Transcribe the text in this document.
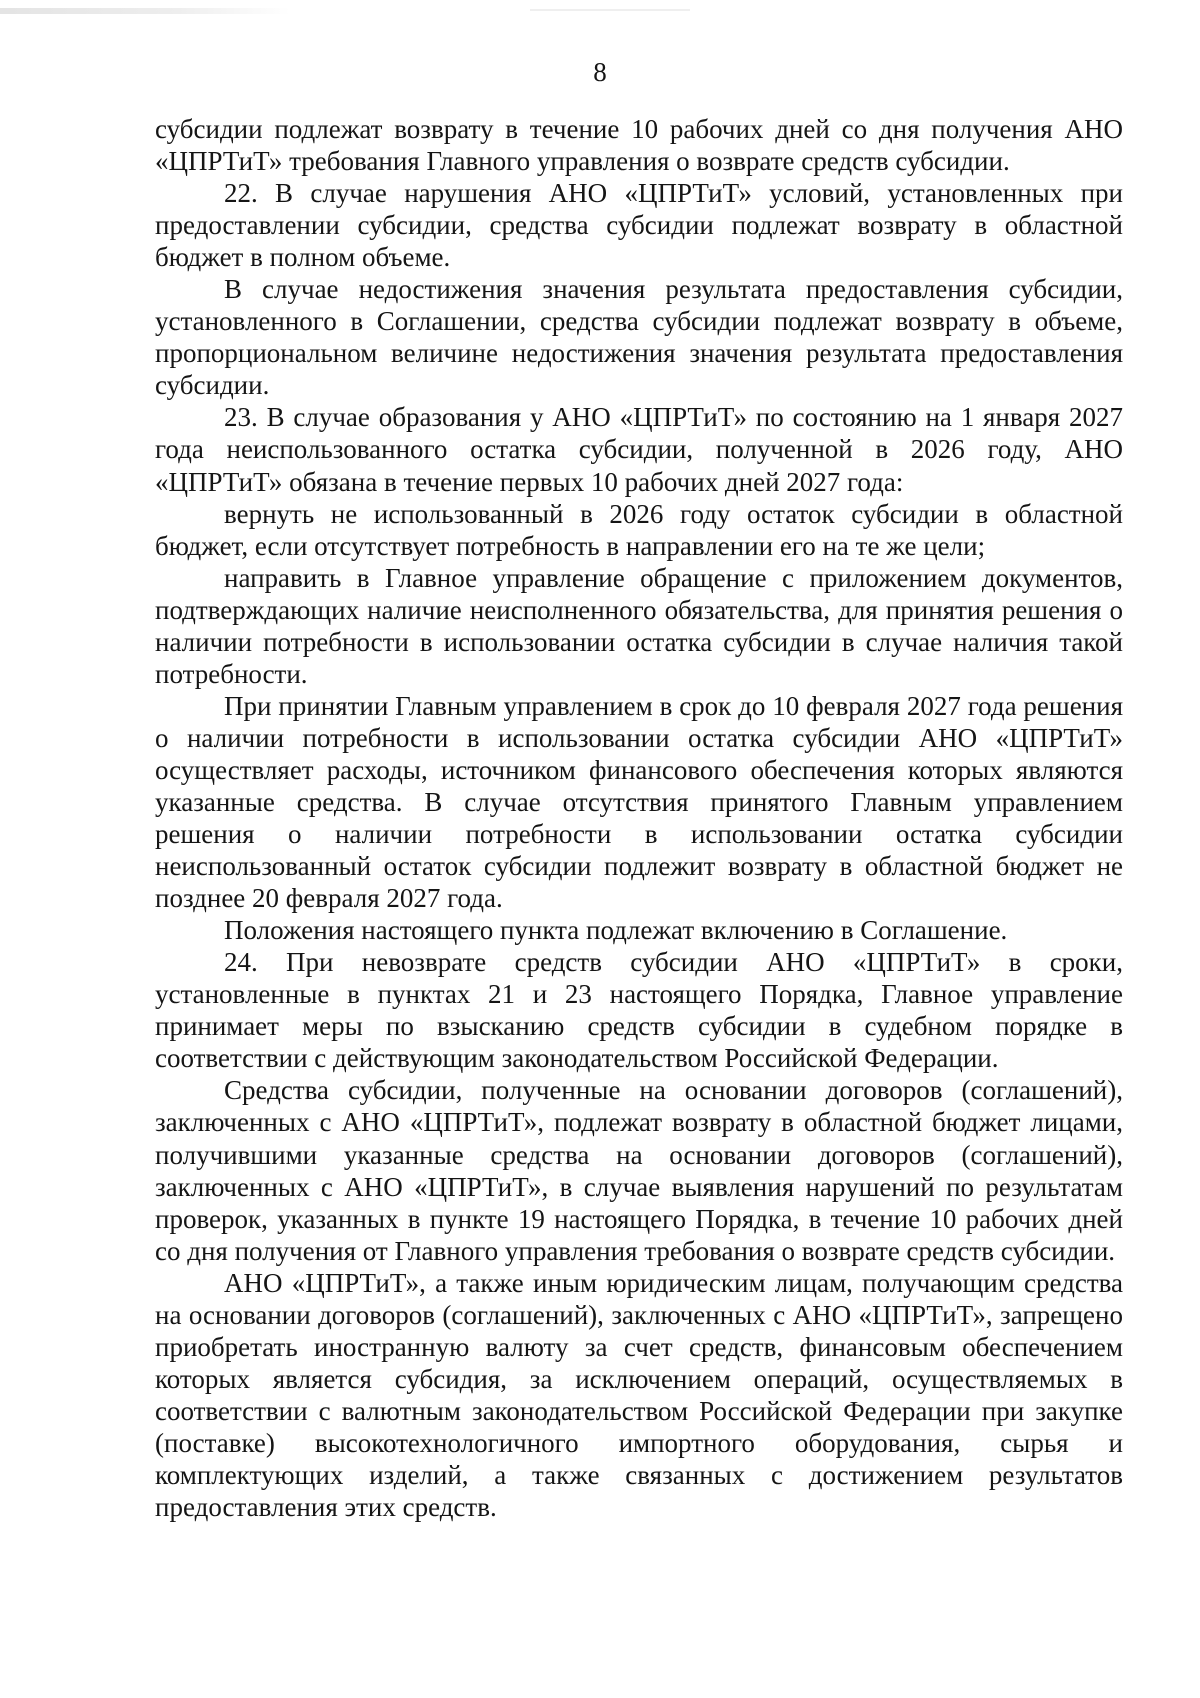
8

субсидии подлежат возврату в течение 10 рабочих дней со дня получения АНО «ЦПРТиТ» требования Главного управления о возврате средств субсидии.

22. В случае нарушения АНО «ЦПРТиТ» условий, установленных при предоставлении субсидии, средства субсидии подлежат возврату в областной бюджет в полном объеме.

В случае недостижения значения результата предоставления субсидии, установленного в Соглашении, средства субсидии подлежат возврату в объеме, пропорциональном величине недостижения значения результата предоставления субсидии.

23. В случае образования у АНО «ЦПРТиТ» по состоянию на 1 января 2027 года неиспользованного остатка субсидии, полученной в 2026 году, АНО «ЦПРТиТ» обязана в течение первых 10 рабочих дней 2027 года:

вернуть не использованный в 2026 году остаток субсидии в областной бюджет, если отсутствует потребность в направлении его на те же цели;

направить в Главное управление обращение с приложением документов, подтверждающих наличие неисполненного обязательства, для принятия решения о наличии потребности в использовании остатка субсидии в случае наличия такой потребности.

При принятии Главным управлением в срок до 10 февраля 2027 года решения о наличии потребности в использовании остатка субсидии АНО «ЦПРТиТ» осуществляет расходы, источником финансового обеспечения которых являются указанные средства. В случае отсутствия принятого Главным управлением решения о наличии потребности в использовании остатка субсидии неиспользованный остаток субсидии подлежит возврату в областной бюджет не позднее 20 февраля 2027 года.

Положения настоящего пункта подлежат включению в Соглашение.

24. При невозврате средств субсидии АНО «ЦПРТиТ» в сроки, установленные в пунктах 21 и 23 настоящего Порядка, Главное управление принимает меры по взысканию средств субсидии в судебном порядке в соответствии с действующим законодательством Российской Федерации.

Средства субсидии, полученные на основании договоров (соглашений), заключенных с АНО «ЦПРТиТ», подлежат возврату в областной бюджет лицами, получившими указанные средства на основании договоров (соглашений), заключенных с АНО «ЦПРТиТ», в случае выявления нарушений по результатам проверок, указанных в пункте 19 настоящего Порядка, в течение 10 рабочих дней со дня получения от Главного управления требования о возврате средств субсидии.

АНО «ЦПРТиТ», а также иным юридическим лицам, получающим средства на основании договоров (соглашений), заключенных с АНО «ЦПРТиТ», запрещено приобретать иностранную валюту за счет средств, финансовым обеспечением которых является субсидия, за исключением операций, осуществляемых в соответствии с валютным законодательством Российской Федерации при закупке (поставке) высокотехнологичного импортного оборудования, сырья и комплектующих изделий, а также связанных с достижением результатов предоставления этих средств.
